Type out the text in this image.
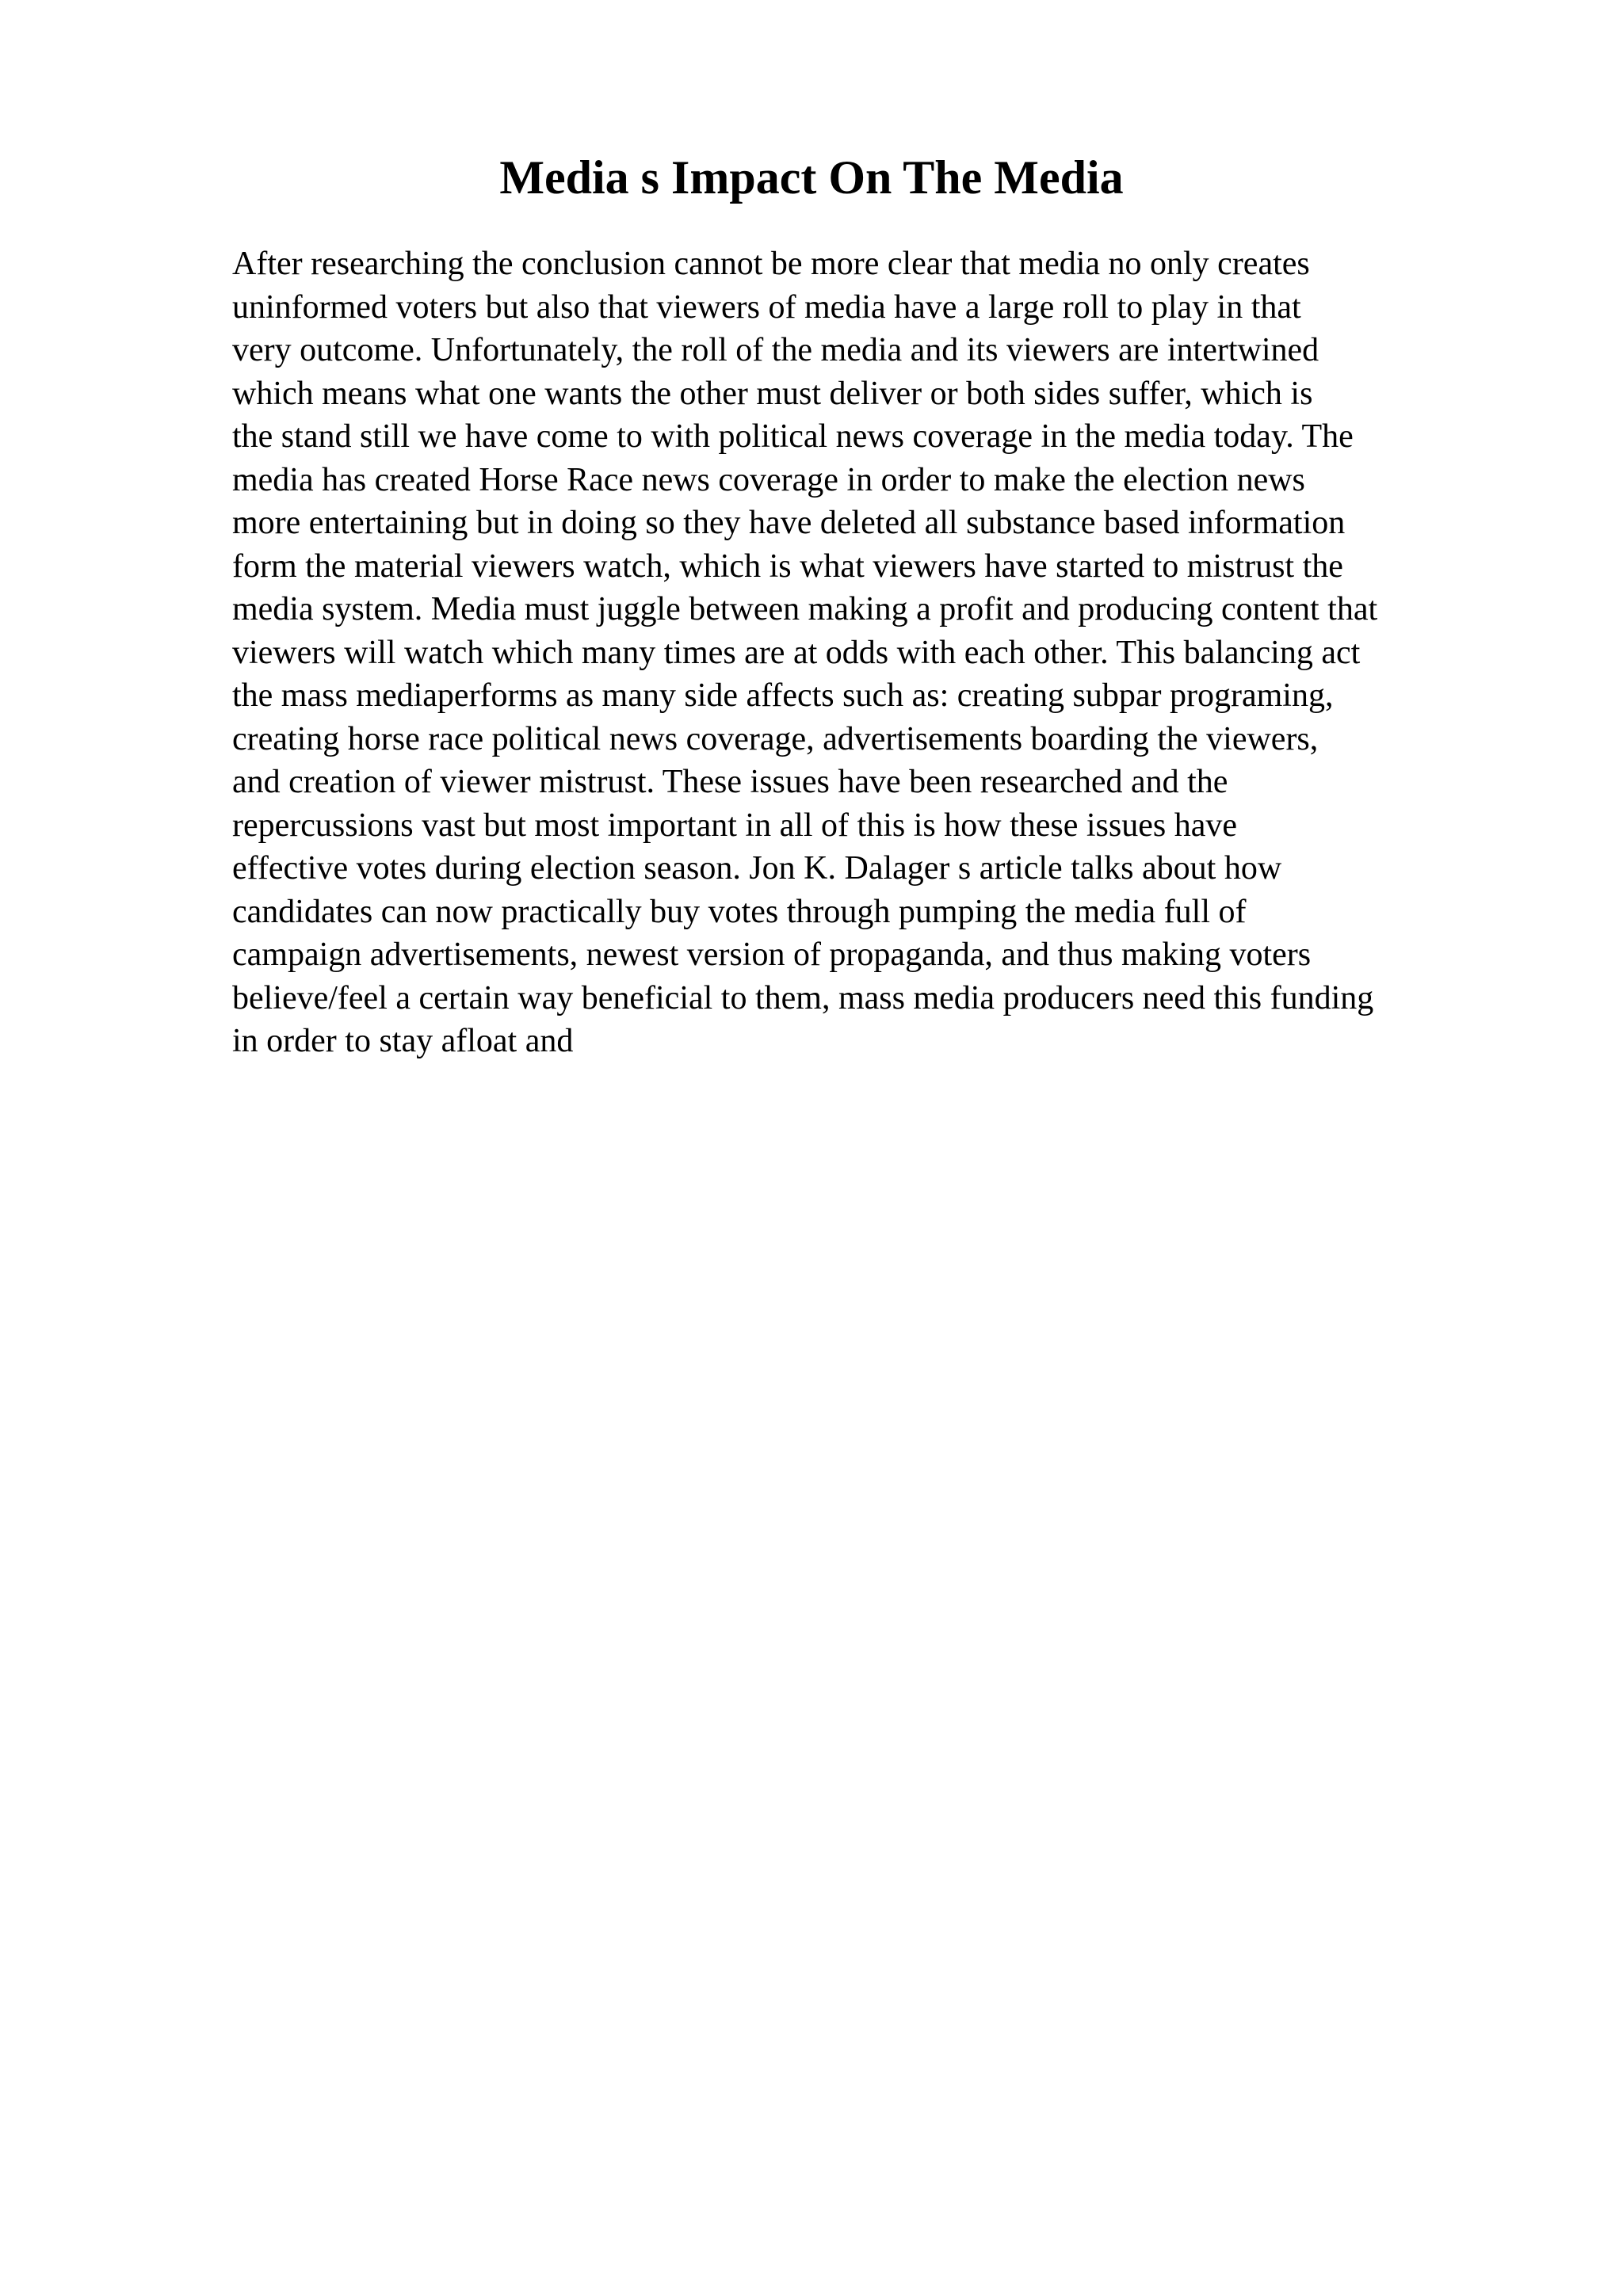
Media s Impact On The Media
After researching the conclusion cannot be more clear that media no only creates
uninformed voters but also that viewers of media have a large roll to play in that
very outcome. Unfortunately, the roll of the media and its viewers are intertwined
which means what one wants the other must deliver or both sides suffer, which is
the stand still we have come to with political news coverage in the media today. The
media has created Horse Race news coverage in order to make the election news
more entertaining but in doing so they have deleted all substance based information
form the material viewers watch, which is what viewers have started to mistrust the
media system. Media must juggle between making a profit and producing content that
viewers will watch which many times are at odds with each other. This balancing act
the mass mediaperforms as many side affects such as: creating subpar programing,
creating horse race political news coverage, advertisements boarding the viewers,
and creation of viewer mistrust. These issues have been researched and the
repercussions vast but most important in all of this is how these issues have
effective votes during election season. Jon K. Dalager s article talks about how
candidates can now practically buy votes through pumping the media full of
campaign advertisements, newest version of propaganda, and thus making voters
believe/feel a certain way beneficial to them, mass media producers need this funding
in order to stay afloat and
